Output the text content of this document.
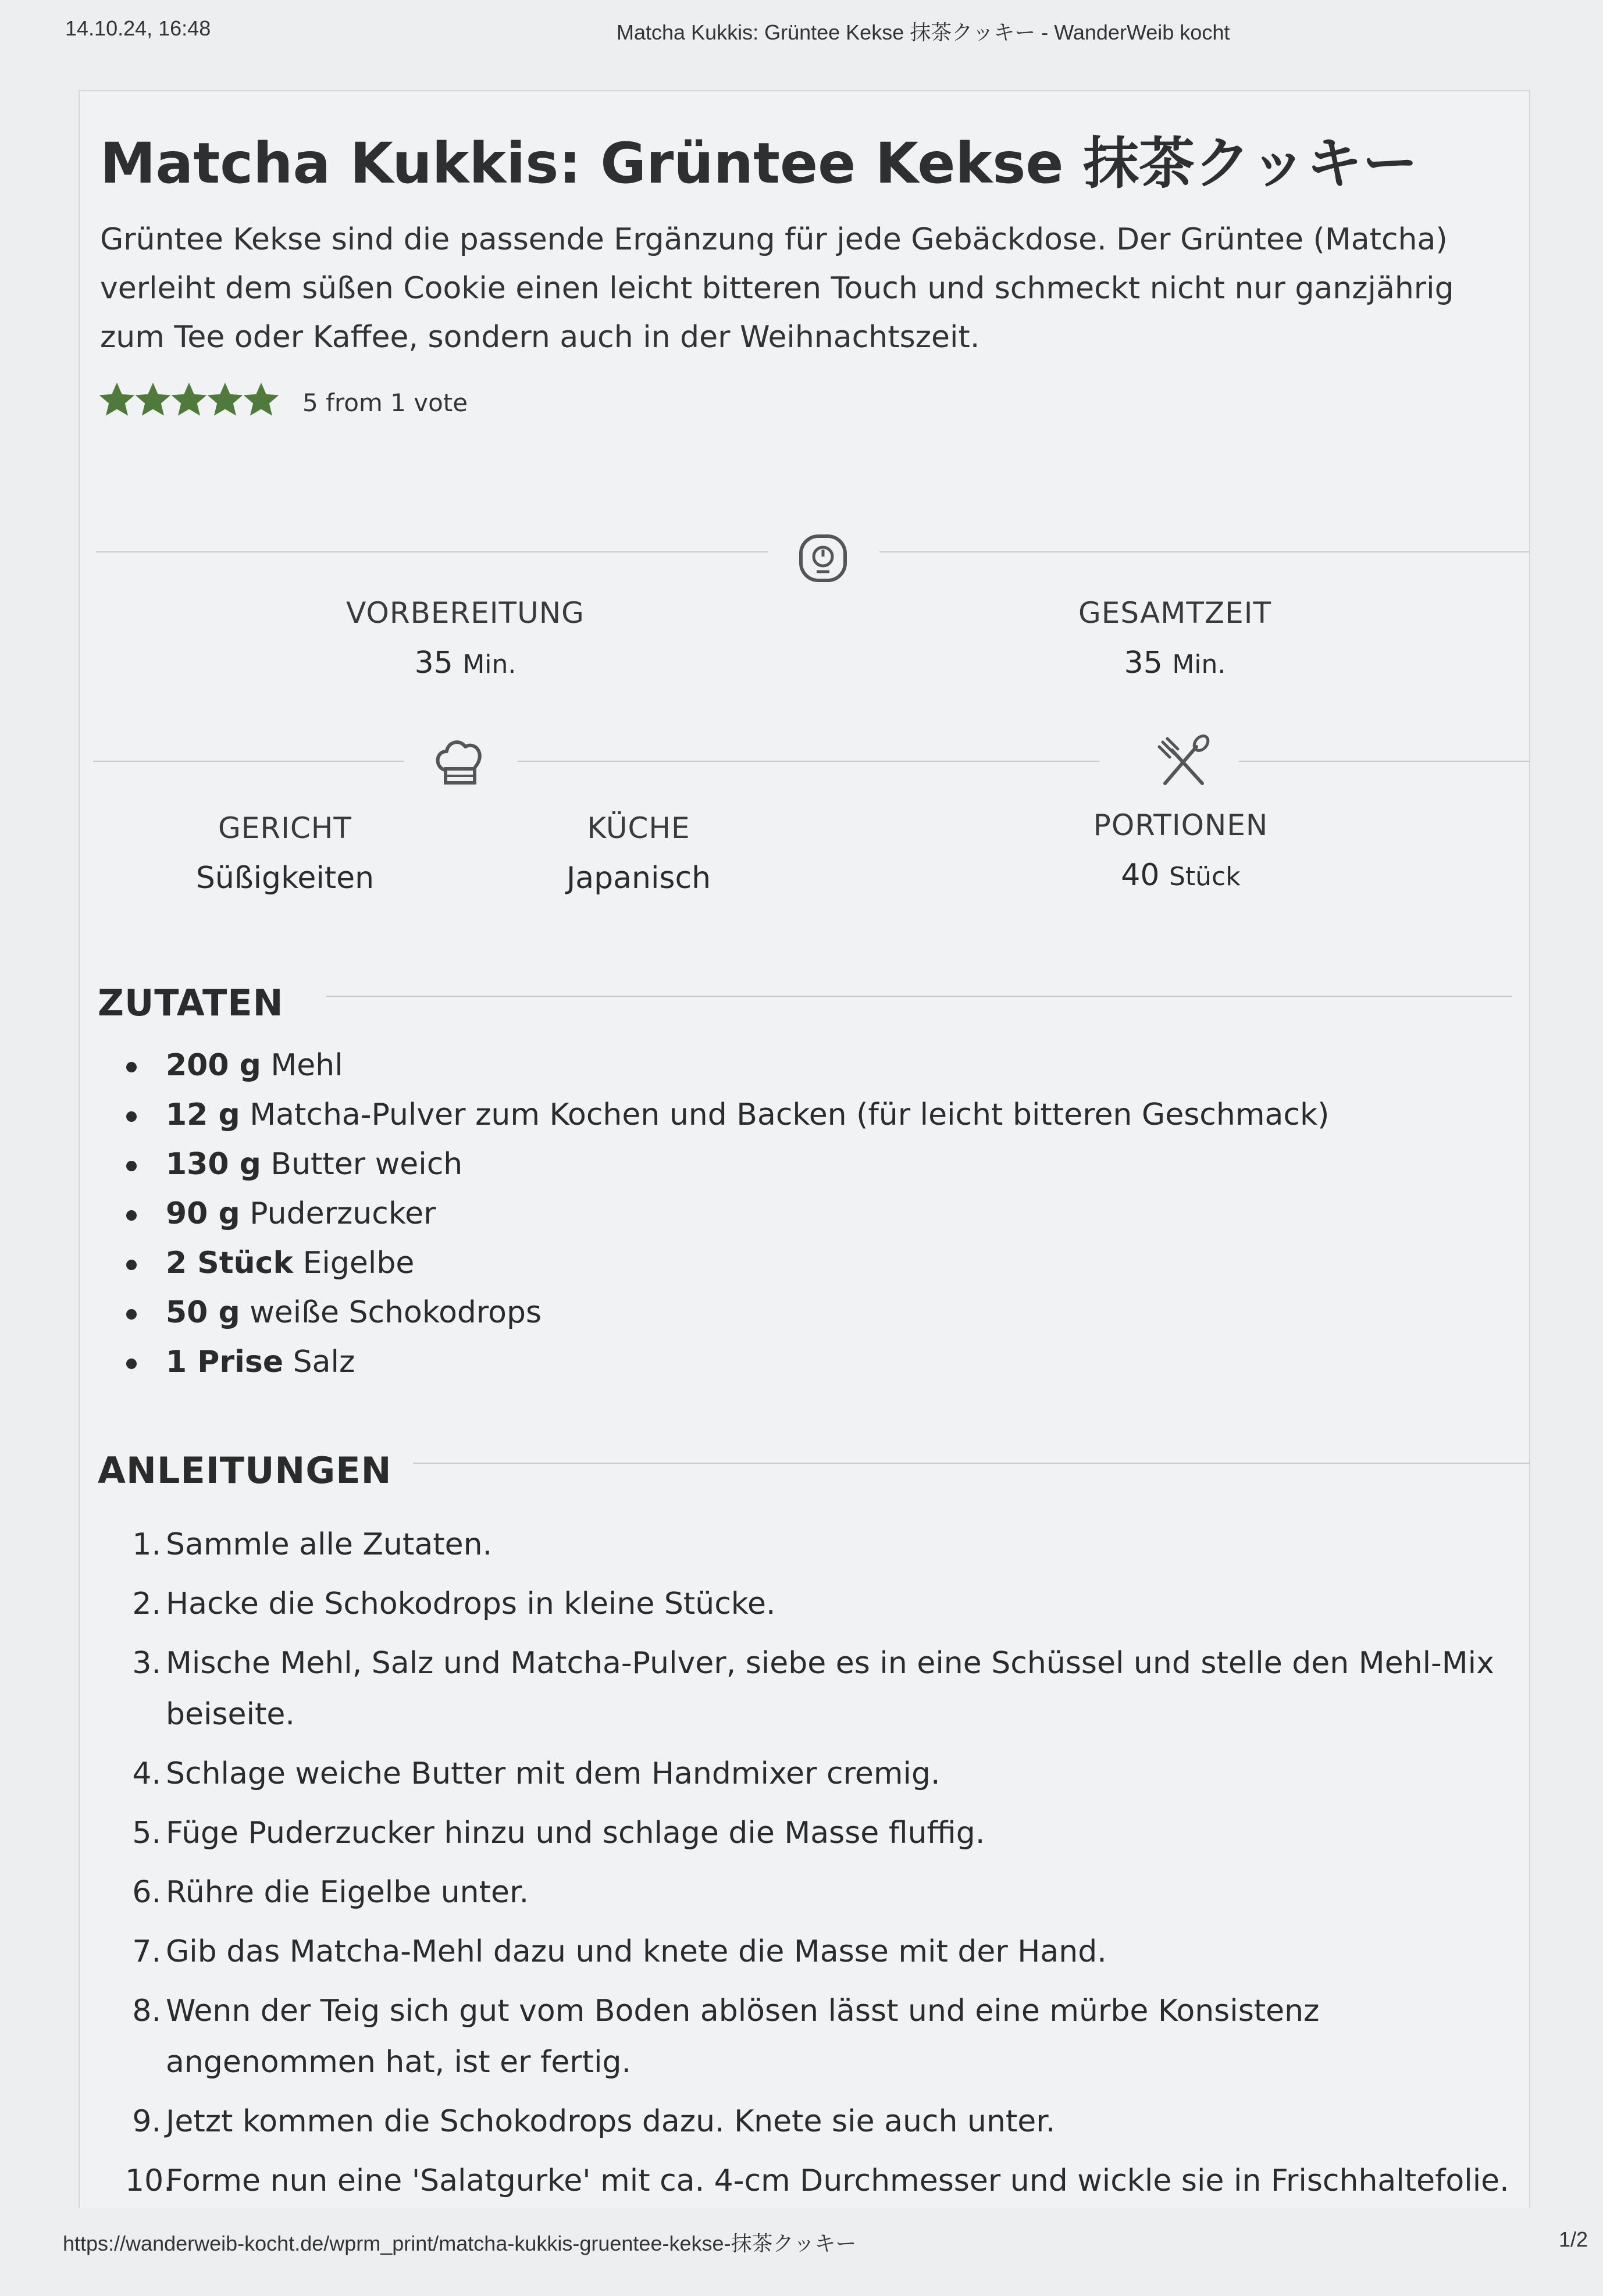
14.10.24, 16:48	Matcha Kukkis: Grüntee Kekse 抹茶クッキー - WanderWeib kocht
Matcha Kukkis: Grüntee Kekse 抹茶クッキー
Grüntee Kekse sind die passende Ergänzung für jede Gebäckdose. Der Grüntee (Matcha) verleiht dem süßen Cookie einen leicht bitteren Touch und schmeckt nicht nur ganzjährig zum Tee oder Kaffee, sondern auch in der Weihnachtszeit.
5 from 1 vote
VORBEREITUNG
35 Min.
GESAMTZEIT
35 Min.
GERICHT
Süßigkeiten
KÜCHE
Japanisch
PORTIONEN
40 Stück
ZUTATEN
200 g Mehl
12 g Matcha-Pulver zum Kochen und Backen (für leicht bitteren Geschmack)
130 g Butter weich
90 g Puderzucker
2 Stück Eigelbe
50 g weiße Schokodrops
1 Prise Salz
ANLEITUNGEN
1. Sammle alle Zutaten.
2. Hacke die Schokodrops in kleine Stücke.
3. Mische Mehl, Salz und Matcha-Pulver, siebe es in eine Schüssel und stelle den Mehl-Mix beiseite.
4. Schlage weiche Butter mit dem Handmixer cremig.
5. Füge Puderzucker hinzu und schlage die Masse fluffig.
6. Rühre die Eigelbe unter.
7. Gib das Matcha-Mehl dazu und knete die Masse mit der Hand.
8. Wenn der Teig sich gut vom Boden ablösen lässt und eine mürbe Konsistenz angenommen hat, ist er fertig.
9. Jetzt kommen die Schokodrops dazu. Knete sie auch unter.
10.
Forme nun eine 'Salatgurke' mit ca. 4-cm Durchmesser und wickle sie in Frischhaltefolie.
https://wanderweib-kocht.de/wprm_print/matcha-kukkis-gruentee-kekse-抹茶クッキー	1/2
